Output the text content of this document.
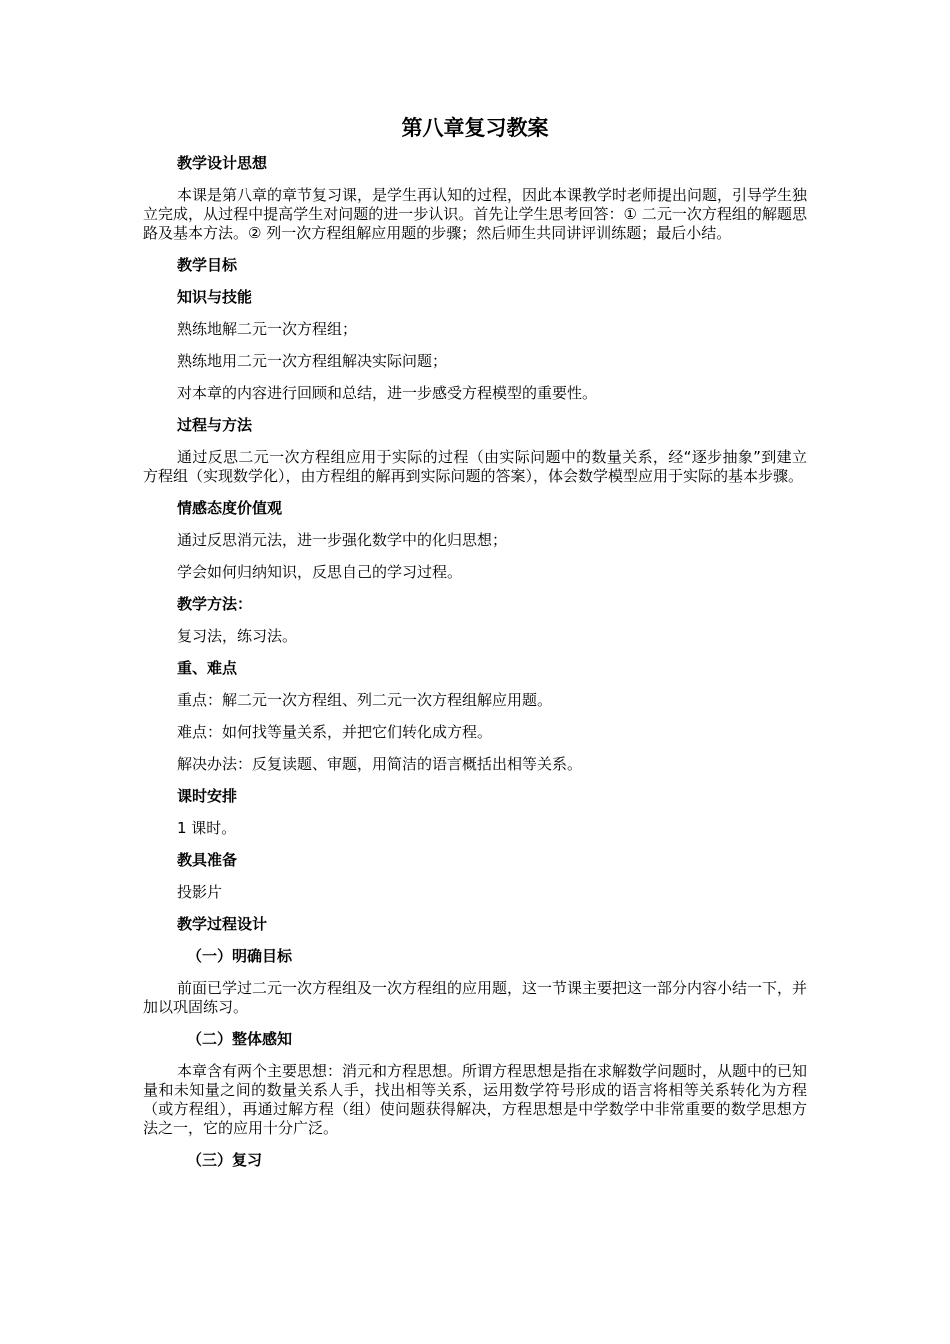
第八章复习教案
教学设计思想
本课是第八章的章节复习课，是学生再认知的过程，因此本课教学时老师提出问题，引导学生独立完成，从过程中提高学生对问题的进一步认识。首先让学生思考回答：① 二元一次方程组的解题思路及基本方法。② 列一次方程组解应用题的步骤；然后师生共同讲评训练题；最后小结。
教学目标
知识与技能
熟练地解二元一次方程组；
熟练地用二元一次方程组解决实际问题；
对本章的内容进行回顾和总结，进一步感受方程模型的重要性。
过程与方法
通过反思二元一次方程组应用于实际的过程（由实际问题中的数量关系，经“逐步抽象”到建立方程组（实现数学化），由方程组的解再到实际问题的答案），体会数学模型应用于实际的基本步骤。
情感态度价值观
通过反思消元法，进一步强化数学中的化归思想；
学会如何归纳知识，反思自己的学习过程。
教学方法：
复习法，练习法。
重、难点
重点：解二元一次方程组、列二元一次方程组解应用题。
难点：如何找等量关系，并把它们转化成方程。
解决办法：反复读题、审题，用简洁的语言概括出相等关系。
课时安排
1 课时。
教具准备
投影片
教学过程设计
（一）明确目标
前面已学过二元一次方程组及一次方程组的应用题，这一节课主要把这一部分内容小结一下，并加以巩固练习。
（二）整体感知
本章含有两个主要思想：消元和方程思想。所谓方程思想是指在求解数学问题时，从题中的已知量和未知量之间的数量关系人手，找出相等关系，运用数学符号形成的语言将相等关系转化为方程（或方程组），再通过解方程（组）使问题获得解决，方程思想是中学数学中非常重要的数学思想方法之一，它的应用十分广泛。
（三）复习
